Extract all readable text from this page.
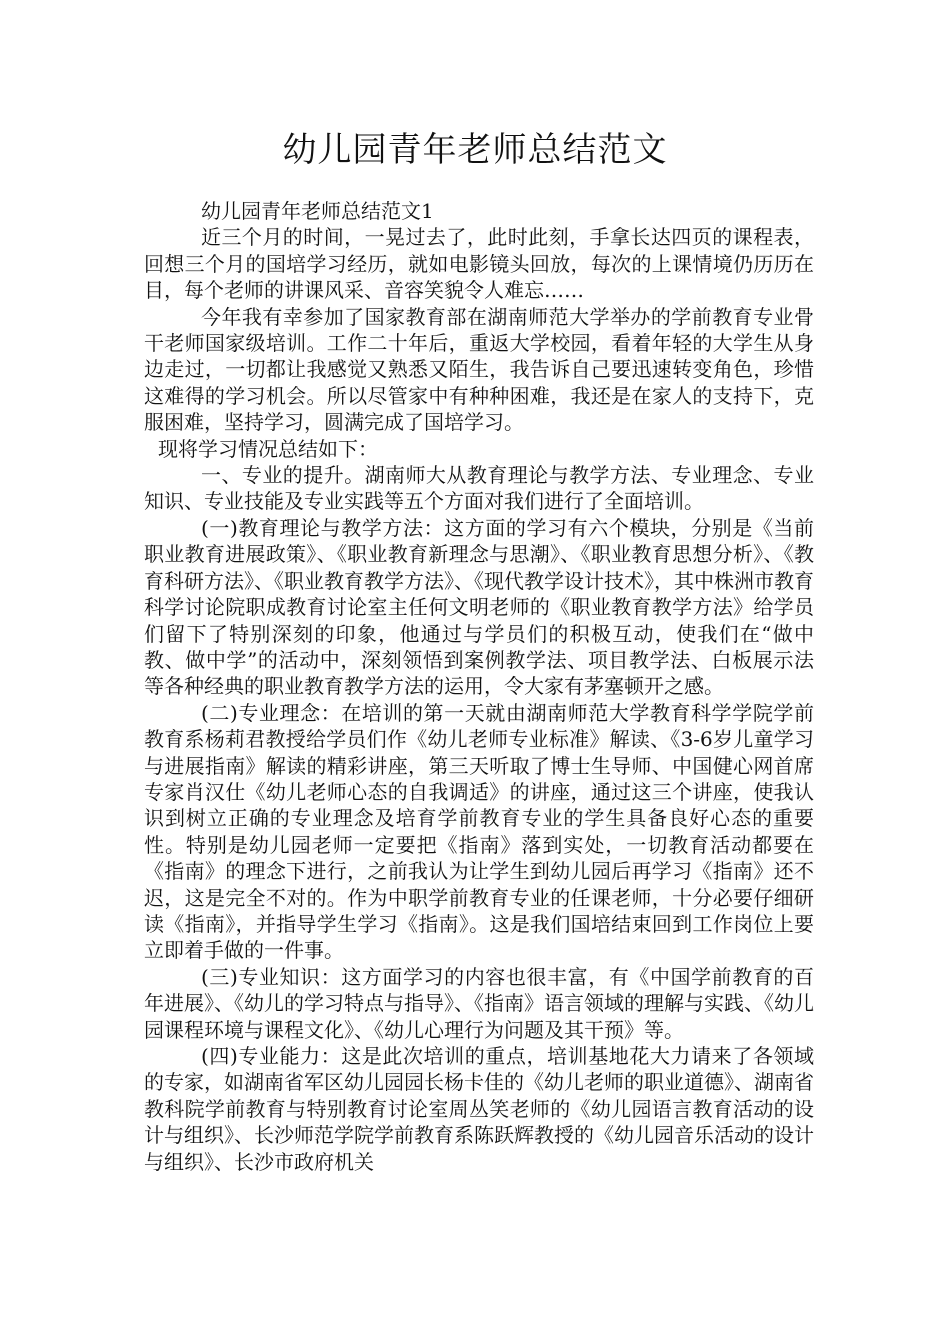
幼儿园青年老师总结范文

幼儿园青年老师总结范文1

近三个月的时间，一晃过去了，此时此刻，手拿长达四页的课程表，回想三个月的国培学习经历，就如电影镜头回放，每次的上课情境仍历历在目，每个老师的讲课风采、音容笑貌令人难忘……

今年我有幸参加了国家教育部在湖南师范大学举办的学前教育专业骨干老师国家级培训。工作二十年后，重返大学校园，看着年轻的大学生从身边走过，一切都让我感觉又熟悉又陌生，我告诉自己要迅速转变角色，珍惜这难得的学习机会。所以尽管家中有种种困难，我还是在家人的支持下，克服困难，坚持学习，圆满完成了国培学习。

现将学习情况总结如下：

一、专业的提升。湖南师大从教育理论与教学方法、专业理念、专业知识、专业技能及专业实践等五个方面对我们进行了全面培训。

(一)教育理论与教学方法：这方面的学习有六个模块，分别是《当前职业教育进展政策》、《职业教育新理念与思潮》、《职业教育思想分析》、《教育科研方法》、《职业教育教学方法》、《现代教学设计技术》，其中株洲市教育科学讨论院职成教育讨论室主任何文明老师的《职业教育教学方法》给学员们留下了特别深刻的印象，他通过与学员们的积极互动，使我们在“做中教、做中学”的活动中，深刻领悟到案例教学法、项目教学法、白板展示法等各种经典的职业教育教学方法的运用，令大家有茅塞顿开之感。

(二)专业理念：在培训的第一天就由湖南师范大学教育科学学院学前教育系杨莉君教授给学员们作《幼儿老师专业标准》解读、《3-6岁儿童学习与进展指南》解读的精彩讲座，第三天听取了博士生导师、中国健心网首席专家肖汉仕《幼儿老师心态的自我调适》的讲座，通过这三个讲座，使我认识到树立正确的专业理念及培育学前教育专业的学生具备良好心态的重要性。特别是幼儿园老师一定要把《指南》落到实处，一切教育活动都要在《指南》的理念下进行，之前我认为让学生到幼儿园后再学习《指南》还不迟，这是完全不对的。作为中职学前教育专业的任课老师，十分必要仔细研读《指南》，并指导学生学习《指南》。这是我们国培结束回到工作岗位上要立即着手做的一件事。

(三)专业知识：这方面学习的内容也很丰富，有《中国学前教育的百年进展》、《幼儿的学习特点与指导》、《指南》语言领域的理解与实践、《幼儿园课程环境与课程文化》、《幼儿心理行为问题及其干预》等。

(四)专业能力：这是此次培训的重点，培训基地花大力请来了各领域的专家，如湖南省军区幼儿园园长杨卡佳的《幼儿老师的职业道德》、湖南省教科院学前教育与特别教育讨论室周丛笑老师的《幼儿园语言教育活动的设计与组织》、长沙师范学院学前教育系陈跃辉教授的《幼儿园音乐活动的设计与组织》、长沙市政府机关
